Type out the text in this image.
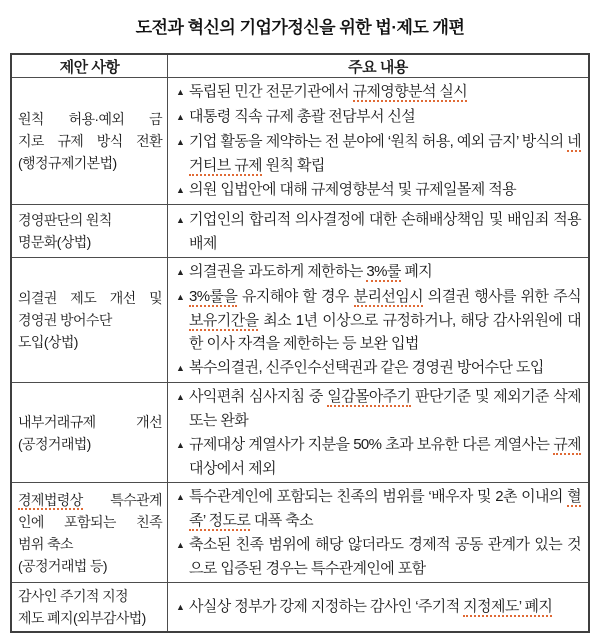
도전과 혁신의 기업가정신을 위한 법·제도 개편
제안 사항	주요 내용
원칙 허용·예외 금
지로 규제 방식 전환
(행정규제기본법)
▲ 독립된 민간 전문기관에서 규제영향분석 실시
▲ 대통령 직속 규제 총괄 전담부서 신설
▲ 기업 활동을 제약하는 전 분야에 ‘원칙 허용, 예외 금지’ 방식의 네거티브 규제 원칙 확립
▲ 의원 입법안에 대해 규제영향분석 및 규제일몰제 적용
경영판단의 원칙
명문화(상법)
▲ 기업인의 합리적 의사결정에 대한 손해배상책임 및 배임죄 적용 배제
의결권 제도 개선 및
경영권 방어수단
도입(상법)
▲ 의결권을 과도하게 제한하는 3%룰 폐지
▲ 3%룰을 유지해야 할 경우 분리선임시 의결권 행사를 위한 주식 보유기간을 최소 1년 이상으로 규정하거나, 해당 감사위원에 대한 이사 자격을 제한하는 등 보완 입법
▲ 복수의결권, 신주인수선택권과 같은 경영권 방어수단 도입
내부거래규제 개선
(공정거래법)
▲ 사익편취 심사지침 중 일감몰아주기 판단기준 및 제외기준 삭제 또는 완화
▲ 규제대상 계열사가 지분을 50% 초과 보유한 다른 계열사는 규제 대상에서 제외
경제법령상 특수관계
인에 포함되는 친족
범위 축소
(공정거래법 등)
▲ 특수관계인에 포함되는 친족의 범위를 ‘배우자 및 2촌 이내의 혈족’ 정도로 대폭 축소
▲ 축소된 친족 범위에 해당 않더라도 경제적 공동 관계가 있는 것으로 입증된 경우는 특수관계인에 포함
감사인 주기적 지정
제도 폐지(외부감사법)
▲ 사실상 정부가 강제 지정하는 감사인 ‘주기적 지정제도’ 폐지
